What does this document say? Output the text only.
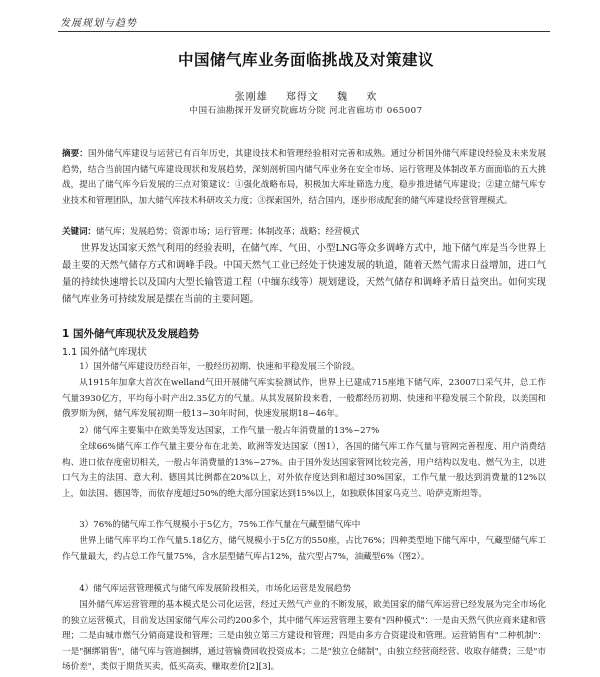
发展规划与趋势
中国储气库业务面临挑战及对策建议
张刚雄 郑得文 魏 欢
中国石油勘探开发研究院廊坊分院 河北省廊坊市 065007
摘要：国外储气库建设与运营已有百年历史，其建设技术和管理经验相对完善和成熟。通过分析国外储气库建设经验及未来发展趋势，结合当前国内储气库建设现状和发展趋势，深刻剖析国内储气库业务在安全市场、运行管理及体制改革方面面临的五大挑战，提出了储气库今后发展的三点对策建议：①强化战略布局，积极加大库址筛选力度，稳步推进储气库建设；②建立储气库专业技术和管理团队，加大储气库技术科研攻关力度；③探索国外，结合国内，逐步形成配套的储气库建设经营管理模式。
关键词：储气库；发展趋势；资源市场；运行管理；体制改革；战略；经营模式
世界发达国家天然气利用的经验表明，在储气库、气田、小型LNG等众多调峰方式中，地下储气库是当今世界上最主要的天然气储存方式和调峰手段。中国天然气工业已经处于快速发展的轨道，随着天然气需求日益增加，进口气量的持续快速增长以及国内大型长输管道工程（中缅东线等）规划建设，天然气储存和调峰矛盾日益突出。如何实现储气库业务可持续发展是摆在当前的主要问题。
1 国外储气库现状及发展趋势
1.1 国外储气库现状
1）国外储气库建设历经百年，一般经历初期、快速和平稳发展三个阶段。
从1915年加拿大首次在welland气田开展储气库实验测试作，世界上已建成715座地下储气库，23007口采气井，总工作气量3930亿方，平均每小时产出2.35亿方的气量。从其发展阶段来看，一般都经历初期、快速和平稳发展三个阶段，以美国和俄罗斯为例，储气库发展初期一般13~30年时间，快速发展期18~46年。
2）储气库主要集中在欧美等发达国家，工作气量一般占年消费量的13%~27%
全球66%储气库工作气量主要分布在北美、欧洲等发达国家（图1），各国的储气库工作气量与管网完善程度、用户消费结构、进口依存度密切相关，一般占年消费量的13%~27%。由于国外发达国家管网比较完善，用户结构以发电、燃气为主，以进口气为主的法国、意大利、德国其比例都在20%以上，对外依存度达到和超过30%国家，工作气量一般达到消费量的12%以上，如法国、德国等，而依存度超过50%的绝大部分国家达到15%以上，如独联体国家乌克兰、哈萨克斯坦等。
3）76%的储气库工作气规模小于5亿方，75%工作气量在气藏型储气库中
世界上储气库平均工作气量5.18亿方，储气规模小于5亿方的550座，占比76%；四种类型地下储气库中，气藏型储气库工作气量最大，约占总工作气量75%，含水层型储气库占12%，盐穴型占7%，油藏型6%（图2）。
4）储气库运营管理模式与储气库发展阶段相关，市场化运营是发展趋势
国外储气库运营管理的基本模式是公司化运营，经过天然气产业的不断发展，欧美国家的储气库运营已经发展为完全市场化的独立运营模式，目前发达国家储气库公司约200多个，其中储气库运营管理主要有"四种模式"：一是由天然气供应商来建和管理；二是由城市燃气分销商建设和管理；三是由独立第三方建设和管理；四是由多方合资建设和管理。运营销售有"二种机制"：一是"捆绑销售"，储气库与管道捆绑，通过管输费回收投资成本；二是"独立仓储制"，由独立经营商经营、收取存储费；三是"市场价差"，类似于期货买卖，低买高卖，赚取差价[2][3]。
